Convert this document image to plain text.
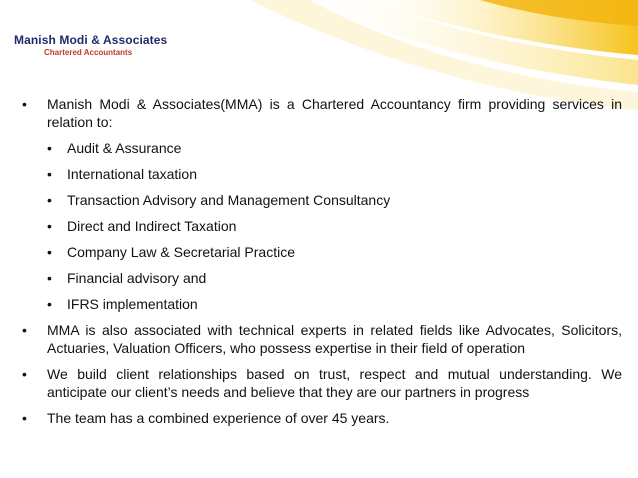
Manish Modi & Associates
Chartered Accountants
• Manish Modi & Associates(MMA) is a Chartered Accountancy firm providing services in relation to:
• Audit & Assurance
• International taxation
• Transaction Advisory and Management Consultancy
• Direct and Indirect Taxation
• Company Law & Secretarial Practice
• Financial advisory and
• IFRS implementation
• MMA is also associated with technical experts in related fields like Advocates, Solicitors, Actuaries, Valuation Officers, who possess expertise in their field of operation
• We build client relationships based on trust, respect and mutual understanding. We anticipate our client’s needs and believe that they are our partners in progress
• The team has a combined experience of over 45 years.
